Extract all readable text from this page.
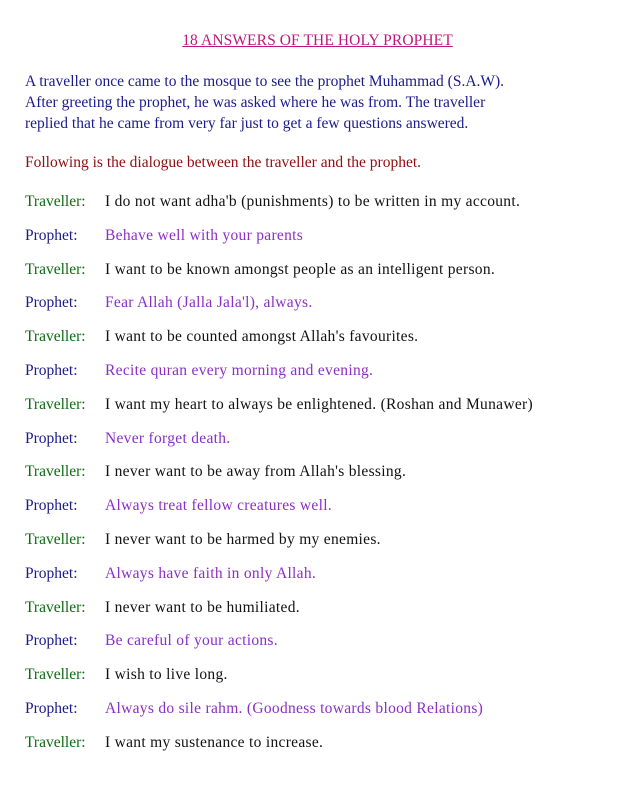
18 ANSWERS OF THE HOLY PROPHET
A traveller once came to the mosque to see the prophet Muhammad (S.A.W).
After greeting the prophet, he was asked where he was from. The traveller
replied that he came from very far just to get a few questions answered.
Following is the dialogue between the traveller and the prophet.
Traveller: I do not want adha'b (punishments) to be written in my account.
Prophet: Behave well with your parents
Traveller: I want to be known amongst people as an intelligent person.
Prophet: Fear Allah (Jalla Jala'l), always.
Traveller: I want to be counted amongst Allah's favourites.
Prophet: Recite quran every morning and evening.
Traveller: I want my heart to always be enlightened. (Roshan and Munawer)
Prophet: Never forget death.
Traveller: I never want to be away from Allah's blessing.
Prophet: Always treat fellow creatures well.
Traveller: I never want to be harmed by my enemies.
Prophet: Always have faith in only Allah.
Traveller: I never want to be humiliated.
Prophet: Be careful of your actions.
Traveller: I wish to live long.
Prophet: Always do sile rahm. (Goodness towards blood Relations)
Traveller: I want my sustenance to increase.
